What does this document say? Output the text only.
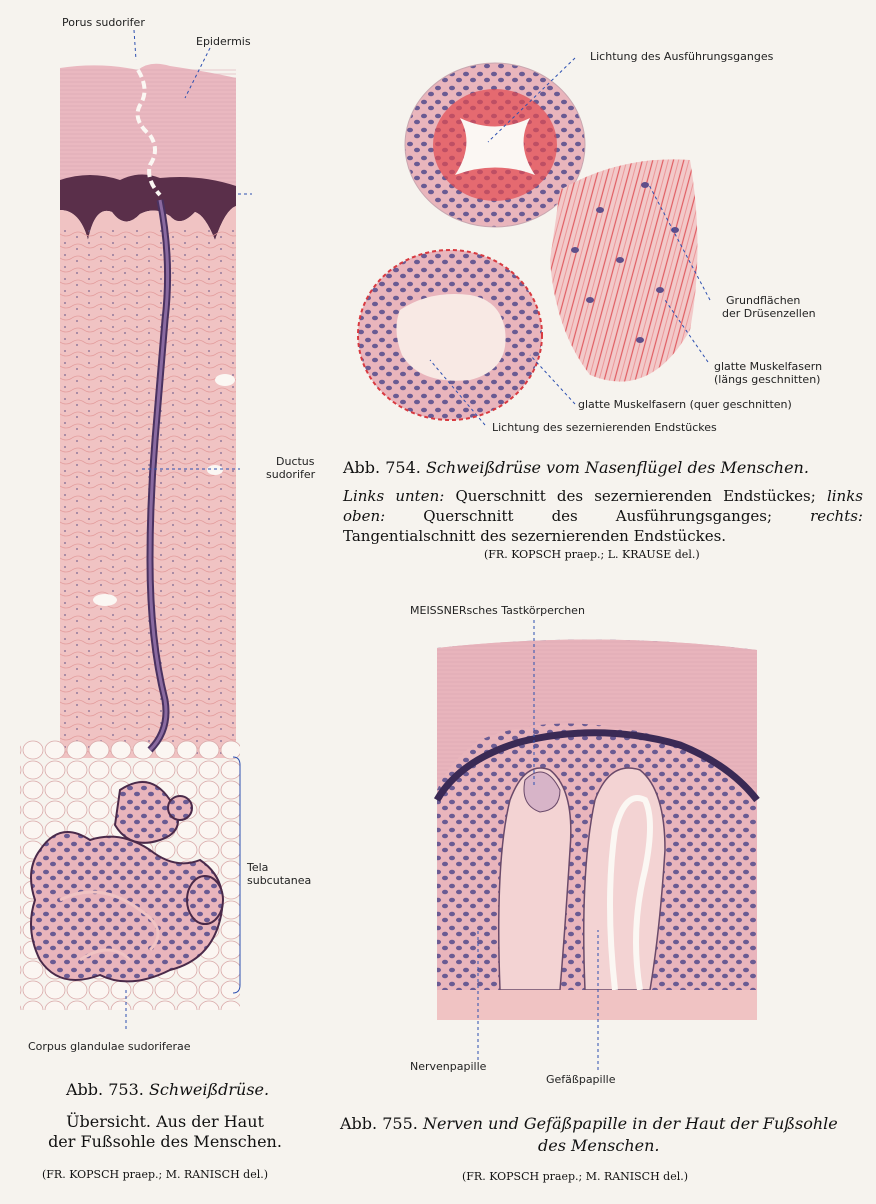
Porus sudorifer
Epidermis
Ductus
sudorifer
Tela
subcutanea
Corpus glandulae sudoriferae
Abb. 753. Schweißdrüse.
Übersicht. Aus der Haut
der Fußsohle des Menschen.
(FR. KOPSCH praep.; M. RANISCH del.)
Lichtung des Ausführungsganges
Grundflächen
der Drüsenzellen
glatte Muskelfasern
(längs geschnitten)
glatte Muskelfasern (quer geschnitten)
Lichtung des sezernierenden Endstückes
Abb. 754. Schweißdrüse vom Nasenflügel des Menschen.
Links unten: Querschnitt des sezernierenden Endstückes; links oben: Querschnitt des Ausführungsganges;	rechts: Tangentialschnitt des sezernierenden Endstückes.
(FR. KOPSCH praep.; L. KRAUSE del.)
MEISSNERsches Tastkörperchen
Nervenpapille
Gefäßpapille
Abb. 755. Nerven und Gefäßpapille in der Haut der Fußsohle
des Menschen.
(FR. KOPSCH praep.; M. RANISCH del.)
